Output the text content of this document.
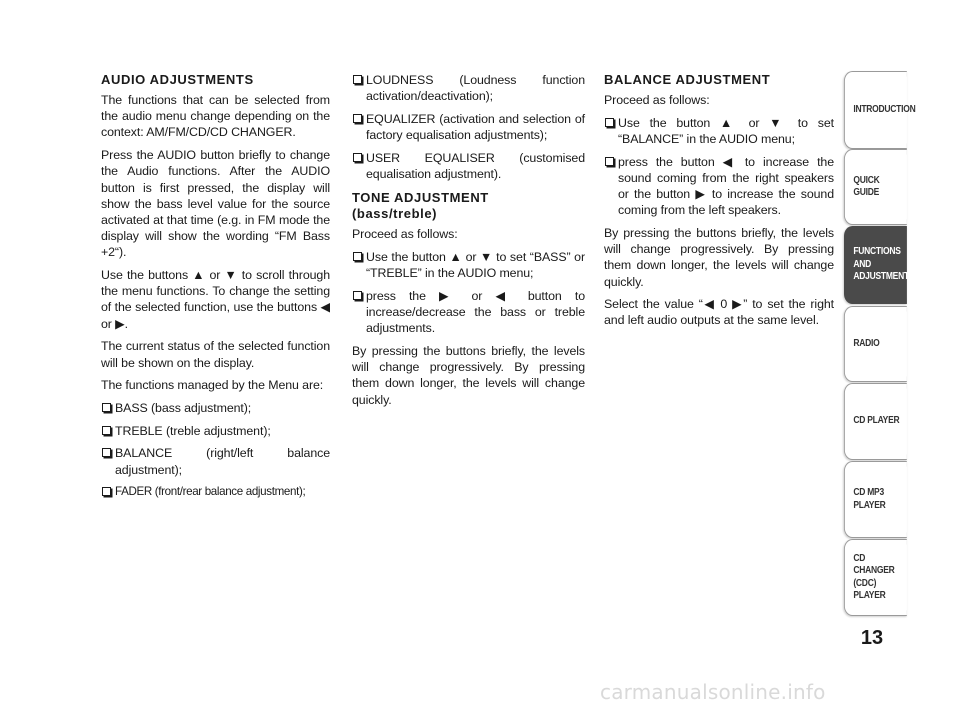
AUDIO ADJUSTMENTS

The functions that can be selected from the audio menu change depending on the context: AM/FM/CD/CD CHANGER.

Press the AUDIO button briefly to change the Audio functions. After the AUDIO button is first pressed, the display will show the bass level value for the source activated at that time (e.g. in FM mode the display will show the wording “FM Bass +2“).

Use the buttons ▲ or ▼ to scroll through the menu functions. To change the setting of the selected function, use the buttons ◀ or ▶.

The current status of the selected function will be shown on the display.

The functions managed by the Menu are:

BASS (bass adjustment);
TREBLE (treble adjustment);
BALANCE (right/left balance adjustment);
FADER (front/rear balance adjustment);
LOUDNESS (Loudness function activation/deactivation);
EQUALIZER (activation and selection of factory equalisation adjustments);
USER EQUALISER (customised equalisation adjustment).
TONE ADJUSTMENT
(bass/treble)

Proceed as follows:

Use the button ▲ or ▼ to set “BASS” or “TREBLE” in the AUDIO menu;
press the ▶ or ◀ button to increase/decrease the bass or treble adjustments.

By pressing the buttons briefly, the levels will change progressively. By pressing them down longer, the levels will change quickly.

BALANCE ADJUSTMENT

Proceed as follows:

Use the button ▲ or ▼ to set “BALANCE” in the AUDIO menu;
press the button ◀ to increase the sound coming from the right speakers or the button ▶ to increase the sound coming from the left speakers.

By pressing the buttons briefly, the levels will change progressively. By pressing them down longer, the levels will change quickly.

Select the value “◀ 0 ▶” to set the right and left audio outputs at the same level.

INTRODUCTION
QUICK
GUIDE
FUNCTIONS
AND
ADJUSTMENTS
RADIO
CD PLAYER
CD MP3
PLAYER
CD CHANGER
(CDC) PLAYER
13
carmanualsonline.info
